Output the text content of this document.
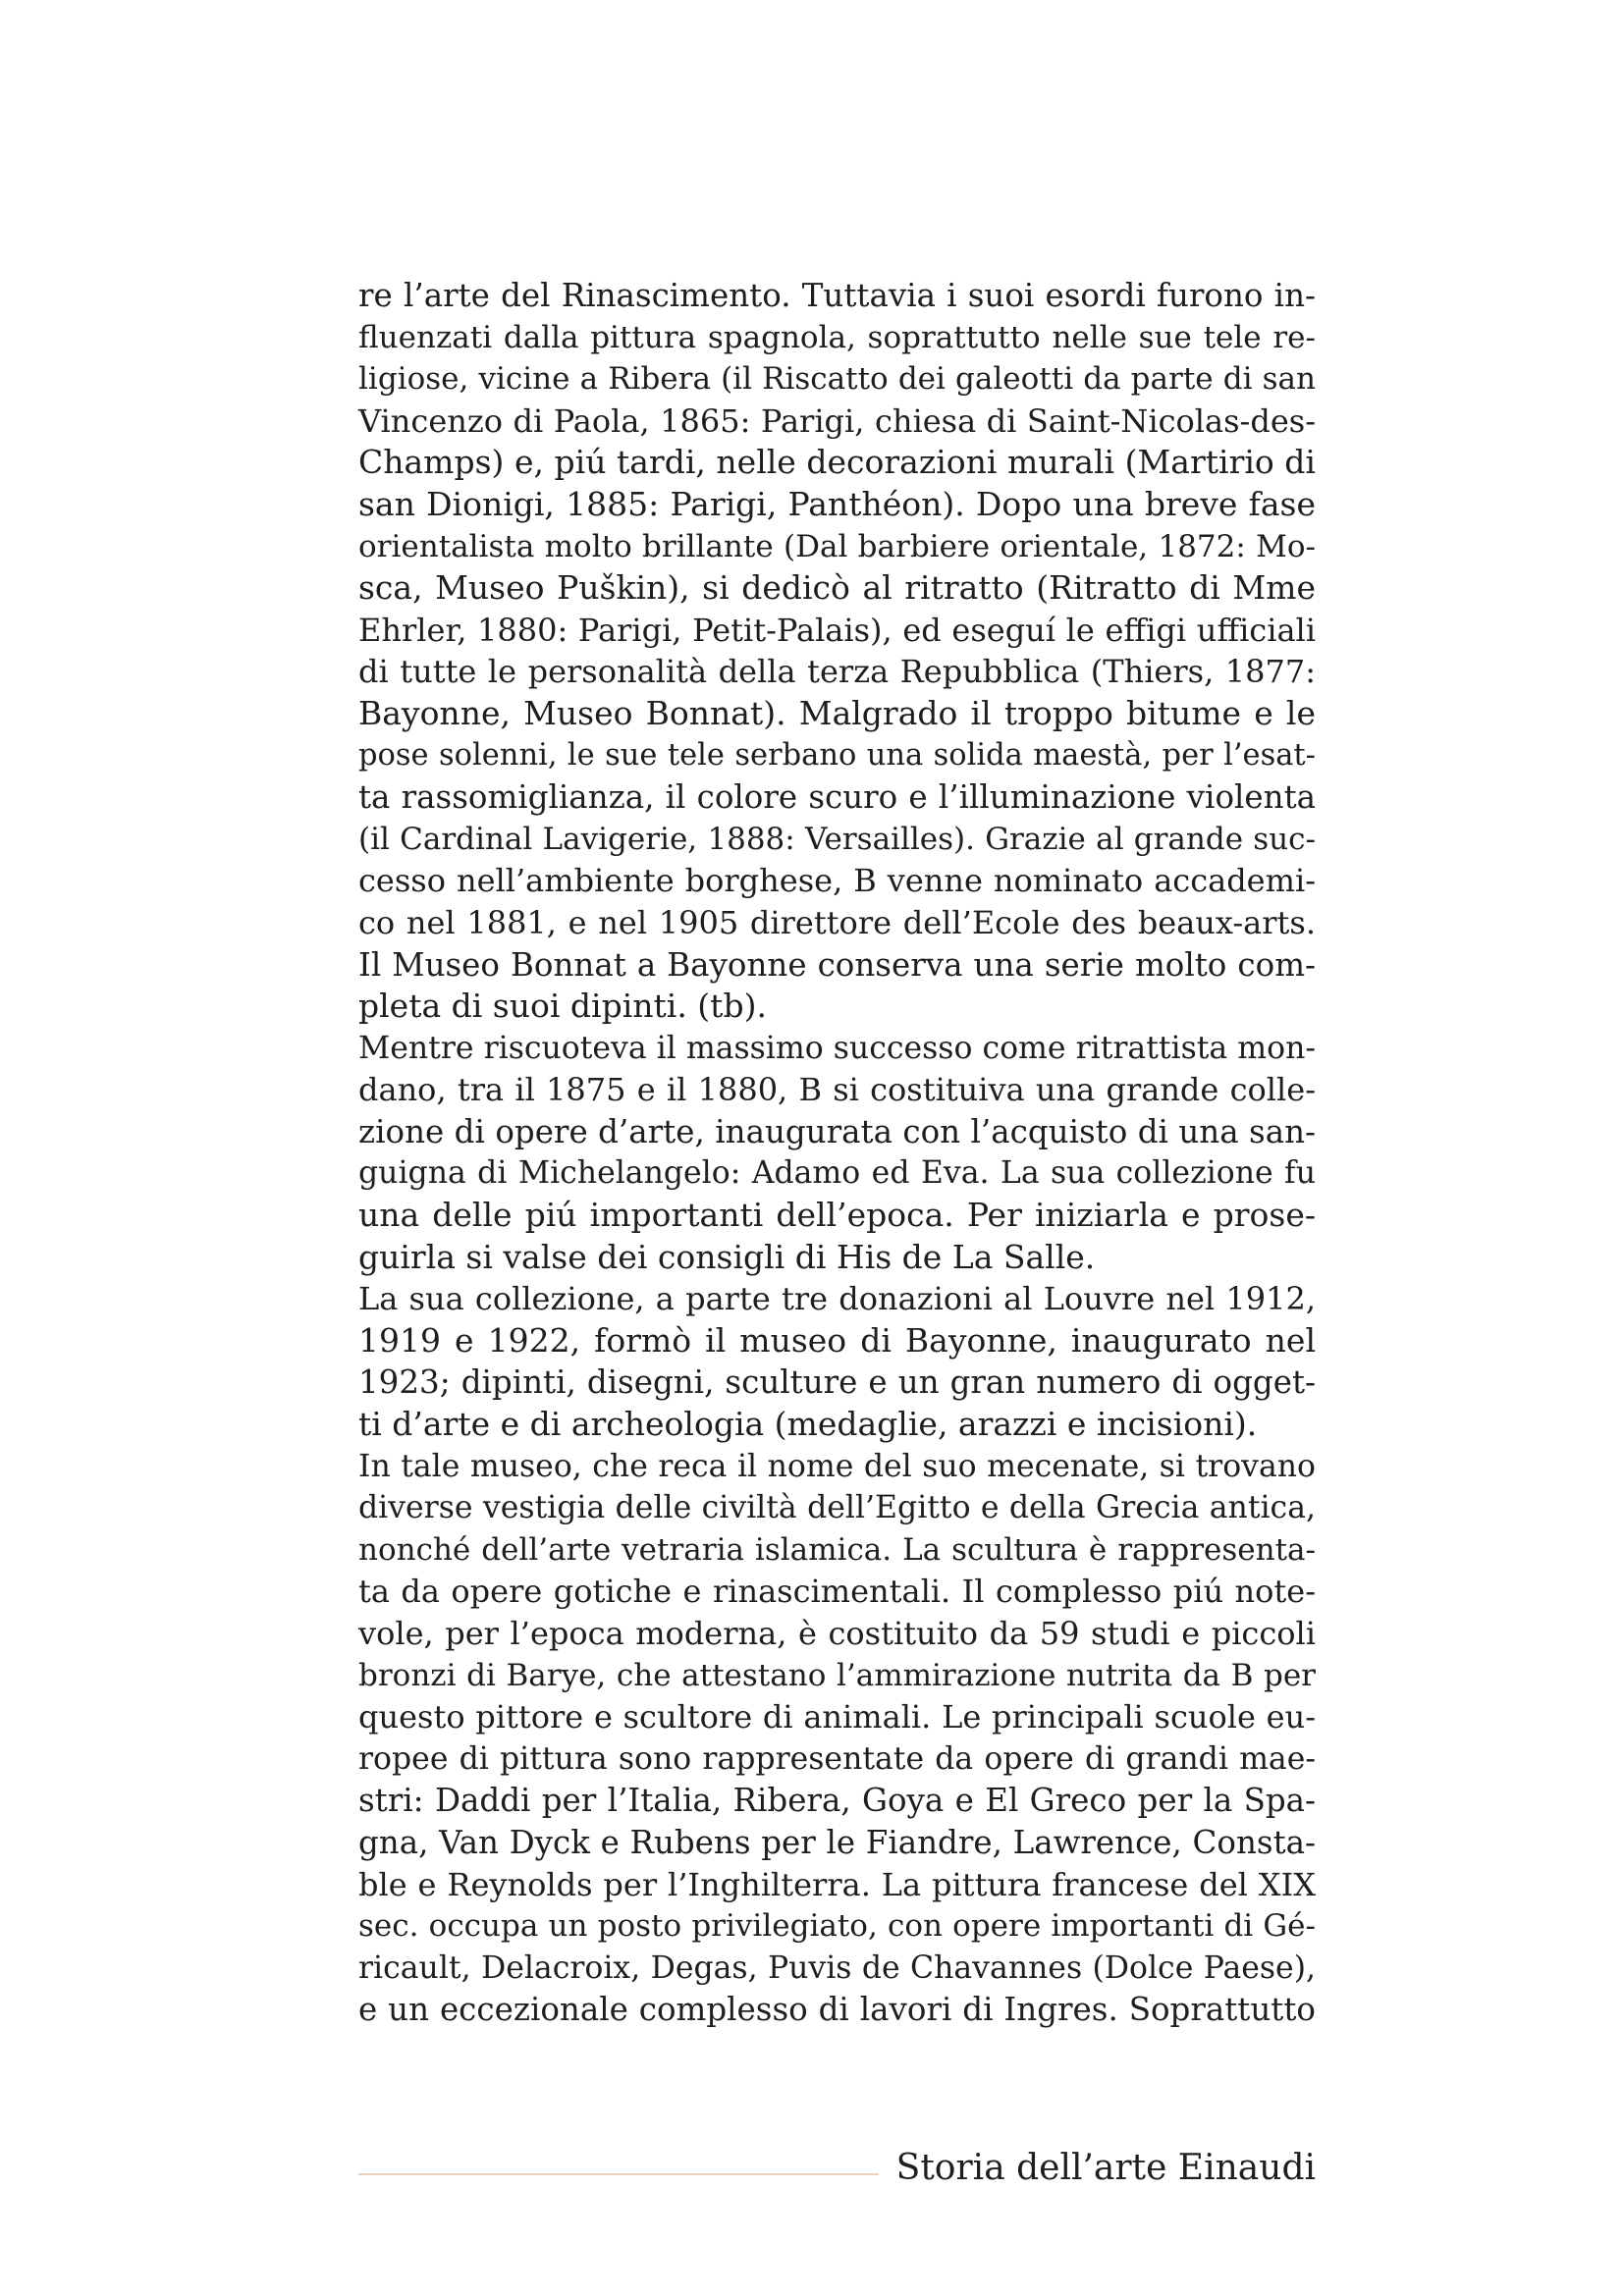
re l’arte del Rinascimento. Tuttavia i suoi esordi furono in-
fluenzati dalla pittura spagnola, soprattutto nelle sue tele re-
ligiose, vicine a Ribera (il Riscatto dei galeotti da parte di san
Vincenzo di Paola, 1865: Parigi, chiesa di Saint-Nicolas-des-
Champs) e, piú tardi, nelle decorazioni murali (Martirio di
san Dionigi, 1885: Parigi, Panthéon). Dopo una breve fase
orientalista molto brillante (Dal barbiere orientale, 1872: Mo-
sca, Museo Puškin), si dedicò al ritratto (Ritratto di Mme
Ehrler, 1880: Parigi, Petit-Palais), ed eseguí le effigi ufficiali
di tutte le personalità della terza Repubblica (Thiers, 1877:
Bayonne, Museo Bonnat). Malgrado il troppo bitume e le
pose solenni, le sue tele serbano una solida maestà, per l’esat-
ta rassomiglianza, il colore scuro e l’illuminazione violenta
(il Cardinal Lavigerie, 1888: Versailles). Grazie al grande suc-
cesso nell’ambiente borghese, B venne nominato accademi-
co nel 1881, e nel 1905 direttore dell’Ecole des beaux-arts.
Il Museo Bonnat a Bayonne conserva una serie molto com-
pleta di suoi dipinti. (tb).
Mentre riscuoteva il massimo successo come ritrattista mon-
dano, tra il 1875 e il 1880, B si costituiva una grande colle-
zione di opere d’arte, inaugurata con l’acquisto di una san-
guigna di Michelangelo: Adamo ed Eva. La sua collezione fu
una delle piú importanti dell’epoca. Per iniziarla e prose-
guirla si valse dei consigli di His de La Salle.
La sua collezione, a parte tre donazioni al Louvre nel 1912,
1919 e 1922, formò il museo di Bayonne, inaugurato nel
1923; dipinti, disegni, sculture e un gran numero di ogget-
ti d’arte e di archeologia (medaglie, arazzi e incisioni).
In tale museo, che reca il nome del suo mecenate, si trovano
diverse vestigia delle civiltà dell’Egitto e della Grecia antica,
nonché dell’arte vetraria islamica. La scultura è rappresenta-
ta da opere gotiche e rinascimentali. Il complesso piú note-
vole, per l’epoca moderna, è costituito da 59 studi e piccoli
bronzi di Barye, che attestano l’ammirazione nutrita da B per
questo pittore e scultore di animali. Le principali scuole eu-
ropee di pittura sono rappresentate da opere di grandi mae-
stri: Daddi per l’Italia, Ribera, Goya e El Greco per la Spa-
gna, Van Dyck e Rubens per le Fiandre, Lawrence, Consta-
ble e Reynolds per l’Inghilterra. La pittura francese del XIX
sec. occupa un posto privilegiato, con opere importanti di Gé-
ricault, Delacroix, Degas, Puvis de Chavannes (Dolce Paese),
e un eccezionale complesso di lavori di Ingres. Soprattutto
Storia dell’arte Einaudi
